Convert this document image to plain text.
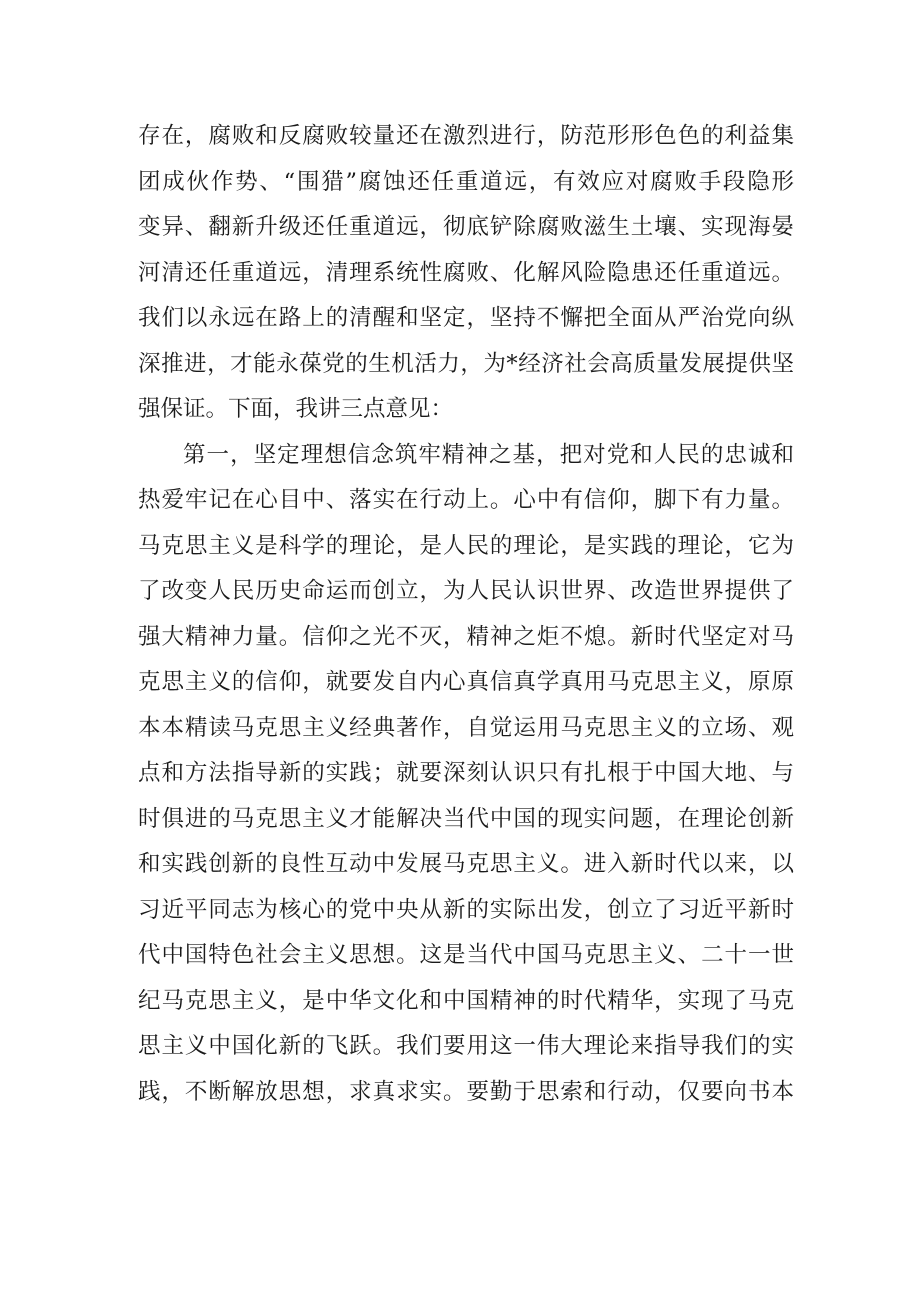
存在，腐败和反腐败较量还在激烈进行，防范形形色色的利益集
团成伙作势、“围猎”腐蚀还任重道远，有效应对腐败手段隐形
变异、翻新升级还任重道远，彻底铲除腐败滋生土壤、实现海晏
河清还任重道远，清理系统性腐败、化解风险隐患还任重道远。
我们以永远在路上的清醒和坚定，坚持不懈把全面从严治党向纵
深推进，才能永葆党的生机活力，为*经济社会高质量发展提供坚
强保证。下面，我讲三点意见：
第一，坚定理想信念筑牢精神之基，把对党和人民的忠诚和
热爱牢记在心目中、落实在行动上。心中有信仰，脚下有力量。
马克思主义是科学的理论，是人民的理论，是实践的理论，它为
了改变人民历史命运而创立，为人民认识世界、改造世界提供了
强大精神力量。信仰之光不灭，精神之炬不熄。新时代坚定对马
克思主义的信仰，就要发自内心真信真学真用马克思主义，原原
本本精读马克思主义经典著作，自觉运用马克思主义的立场、观
点和方法指导新的实践；就要深刻认识只有扎根于中国大地、与
时俱进的马克思主义才能解决当代中国的现实问题，在理论创新
和实践创新的良性互动中发展马克思主义。进入新时代以来，以
习近平同志为核心的党中央从新的实际出发，创立了习近平新时
代中国特色社会主义思想。这是当代中国马克思主义、二十一世
纪马克思主义，是中华文化和中国精神的时代精华，实现了马克
思主义中国化新的飞跃。我们要用这一伟大理论来指导我们的实
践，不断解放思想，求真求实。要勤于思索和行动，仅要向书本
